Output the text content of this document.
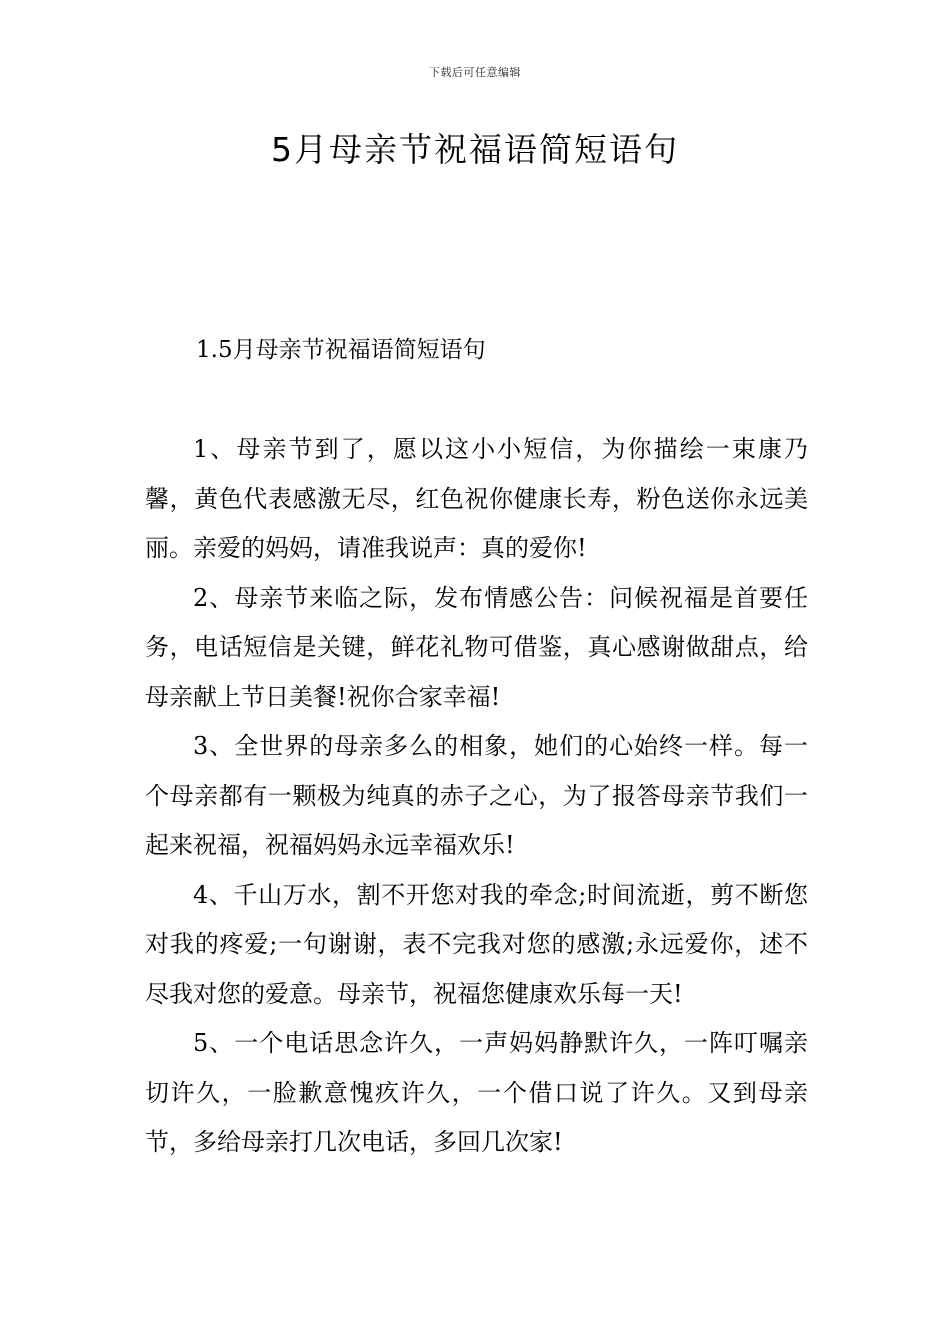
下载后可任意编辑
5月母亲节祝福语简短语句
1.5月母亲节祝福语简短语句

1、母亲节到了，愿以这小小短信，为你描绘一束康乃馨，黄色代表感激无尽，红色祝你健康长寿，粉色送你永远美丽。亲爱的妈妈，请准我说声：真的爱你!

2、母亲节来临之际，发布情感公告：问候祝福是首要任务，电话短信是关键，鲜花礼物可借鉴，真心感谢做甜点，给母亲献上节日美餐!祝你合家幸福!

3、全世界的母亲多么的相象，她们的心始终一样。每一个母亲都有一颗极为纯真的赤子之心，为了报答母亲节我们一起来祝福，祝福妈妈永远幸福欢乐!

4、千山万水，割不开您对我的牵念;时间流逝，剪不断您对我的疼爱;一句谢谢，表不完我对您的感激;永远爱你，述不尽我对您的爱意。母亲节，祝福您健康欢乐每一天!

5、一个电话思念许久，一声妈妈静默许久，一阵叮嘱亲切许久，一脸歉意愧疚许久，一个借口说了许久。又到母亲节，多给母亲打几次电话，多回几次家!
